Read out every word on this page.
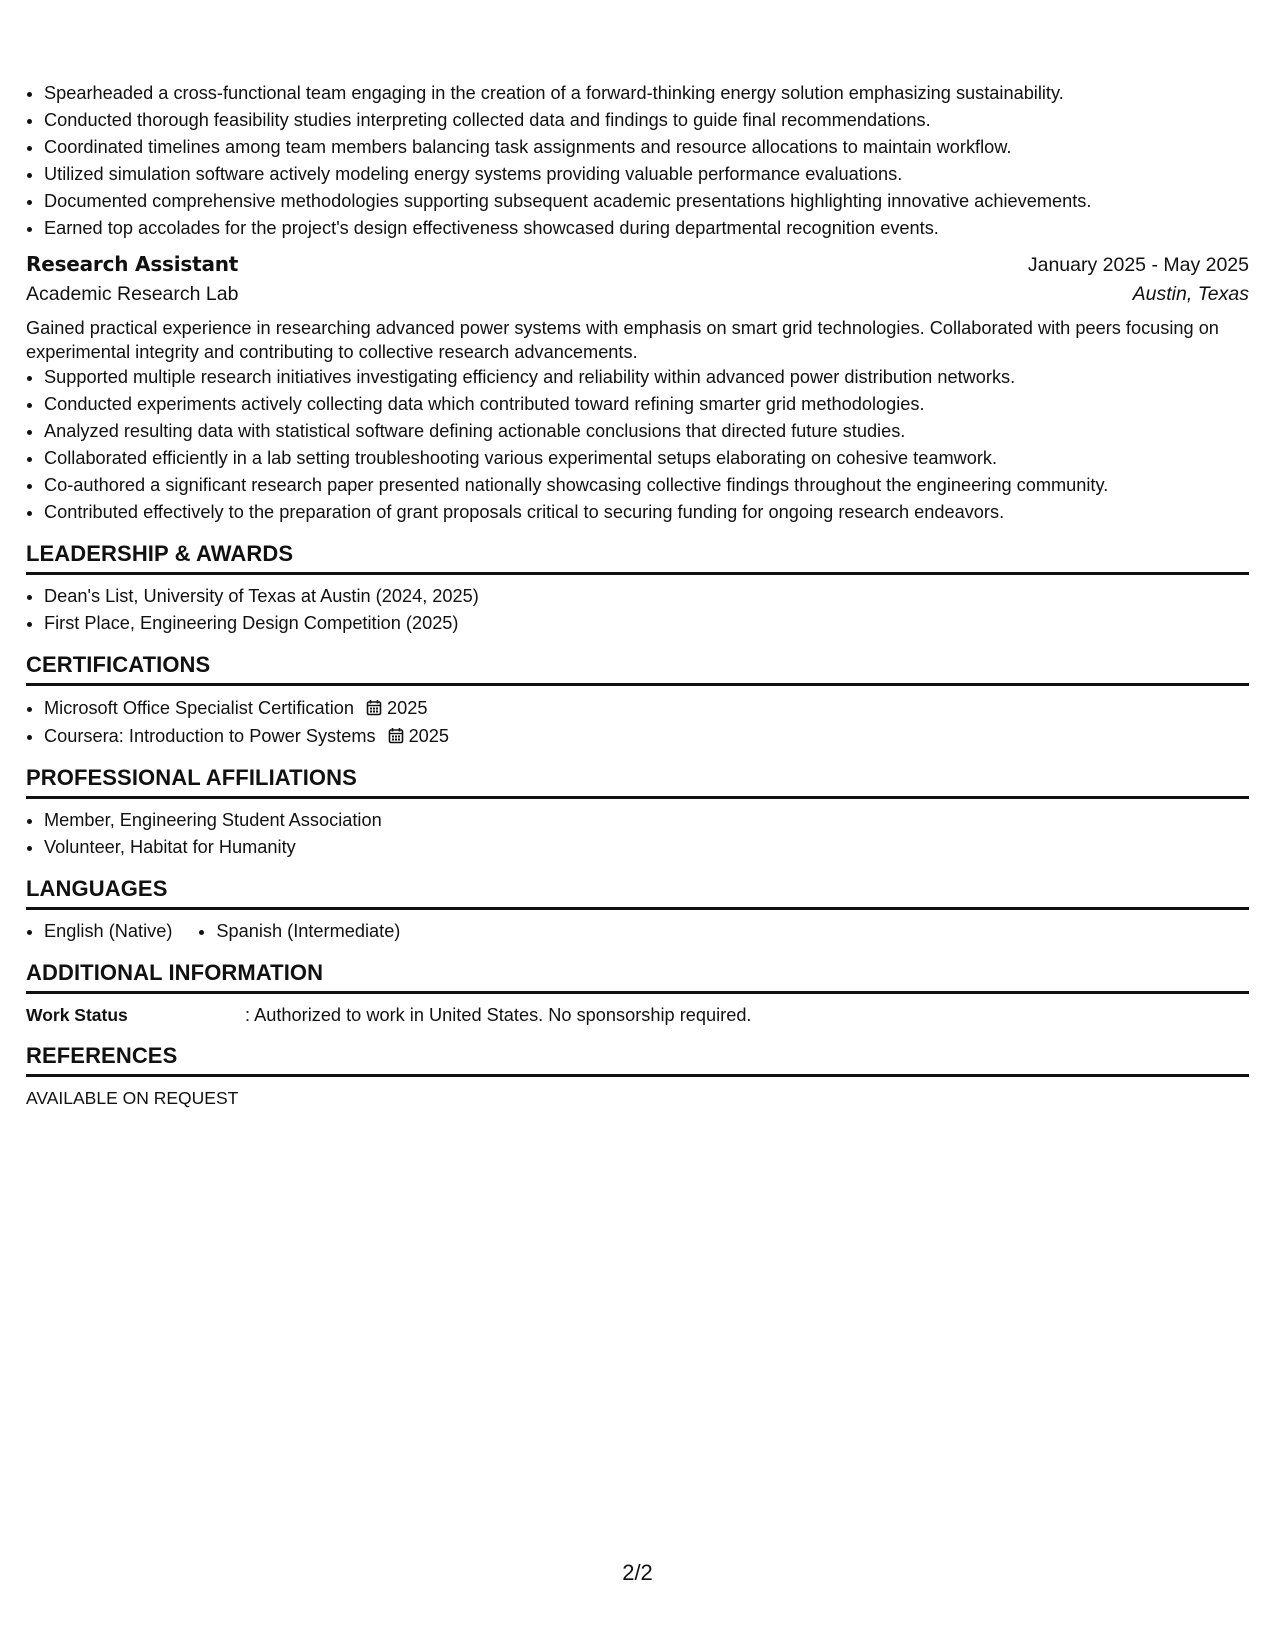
• Spearheaded a cross-functional team engaging in the creation of a forward-thinking energy solution emphasizing sustainability.
• Conducted thorough feasibility studies interpreting collected data and findings to guide final recommendations.
• Coordinated timelines among team members balancing task assignments and resource allocations to maintain workflow.
• Utilized simulation software actively modeling energy systems providing valuable performance evaluations.
• Documented comprehensive methodologies supporting subsequent academic presentations highlighting innovative achievements.
• Earned top accolades for the project's design effectiveness showcased during departmental recognition events.
Research Assistant	January 2025 - May 2025
Academic Research Lab	Austin, Texas
Gained practical experience in researching advanced power systems with emphasis on smart grid technologies. Collaborated with peers focusing on experimental integrity and contributing to collective research advancements.
• Supported multiple research initiatives investigating efficiency and reliability within advanced power distribution networks.
• Conducted experiments actively collecting data which contributed toward refining smarter grid methodologies.
• Analyzed resulting data with statistical software defining actionable conclusions that directed future studies.
• Collaborated efficiently in a lab setting troubleshooting various experimental setups elaborating on cohesive teamwork.
• Co-authored a significant research paper presented nationally showcasing collective findings throughout the engineering community.
• Contributed effectively to the preparation of grant proposals critical to securing funding for ongoing research endeavors.
LEADERSHIP & AWARDS
• Dean's List, University of Texas at Austin (2024, 2025)
• First Place, Engineering Design Competition (2025)
CERTIFICATIONS
• Microsoft Office Specialist Certification 2025
• Coursera: Introduction to Power Systems 2025
PROFESSIONAL AFFILIATIONS
• Member, Engineering Student Association
• Volunteer, Habitat for Humanity
LANGUAGES
• English (Native)
• Spanish (Intermediate)
ADDITIONAL INFORMATION
Work Status	: Authorized to work in United States. No sponsorship required.
REFERENCES
AVAILABLE ON REQUEST
2/2
